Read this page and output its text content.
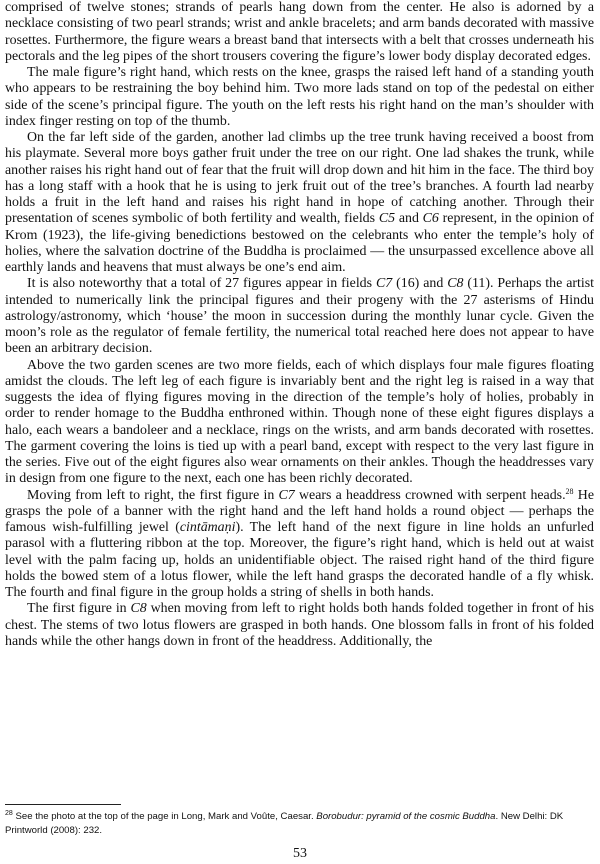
comprised of twelve stones; strands of pearls hang down from the center. He also is adorned by a necklace consisting of two pearl strands; wrist and ankle bracelets; and arm bands decorated with massive rosettes. Furthermore, the figure wears a breast band that intersects with a belt that crosses underneath his pectorals and the leg pipes of the short trousers covering the figure’s lower body display decorated edges.

The male figure’s right hand, which rests on the knee, grasps the raised left hand of a standing youth who appears to be restraining the boy behind him. Two more lads stand on top of the pedestal on either side of the scene’s principal figure. The youth on the left rests his right hand on the man’s shoulder with index finger resting on top of the thumb.

On the far left side of the garden, another lad climbs up the tree trunk having received a boost from his playmate. Several more boys gather fruit under the tree on our right. One lad shakes the trunk, while another raises his right hand out of fear that the fruit will drop down and hit him in the face. The third boy has a long staff with a hook that he is using to jerk fruit out of the tree’s branches. A fourth lad nearby holds a fruit in the left hand and raises his right hand in hope of catching another. Through their presentation of scenes symbolic of both fertility and wealth, fields C5 and C6 represent, in the opinion of Krom (1923), the life-giving benedictions bestowed on the celebrants who enter the temple’s holy of holies, where the salvation doctrine of the Buddha is proclaimed — the unsurpassed excellence above all earthly lands and heavens that must always be one’s end aim.

It is also noteworthy that a total of 27 figures appear in fields C7 (16) and C8 (11). Perhaps the artist intended to numerically link the principal figures and their progeny with the 27 asterisms of Hindu astrology/astronomy, which ‘house’ the moon in succession during the monthly lunar cycle. Given the moon’s role as the regulator of female fertility, the numerical total reached here does not appear to have been an arbitrary decision.

Above the two garden scenes are two more fields, each of which displays four male figures floating amidst the clouds. The left leg of each figure is invariably bent and the right leg is raised in a way that suggests the idea of flying figures moving in the direction of the temple’s holy of holies, probably in order to render homage to the Buddha enthroned within. Though none of these eight figures displays a halo, each wears a bandoleer and a necklace, rings on the wrists, and arm bands decorated with rosettes. The garment covering the loins is tied up with a pearl band, except with respect to the very last figure in the series. Five out of the eight figures also wear ornaments on their ankles. Though the headdresses vary in design from one figure to the next, each one has been richly decorated.

Moving from left to right, the first figure in C7 wears a headdress crowned with serpent heads.$^{28}$ He grasps the pole of a banner with the right hand and the left hand holds a round object — perhaps the famous wish-fulfilling jewel (cintāmaṇi). The left hand of the next figure in line holds an unfurled parasol with a fluttering ribbon at the top. Moreover, the figure’s right hand, which is held out at waist level with the palm facing up, holds an unidentifiable object. The raised right hand of the third figure holds the bowed stem of a lotus flower, while the left hand grasps the decorated handle of a fly whisk. The fourth and final figure in the group holds a string of shells in both hands.

The first figure in C8 when moving from left to right holds both hands folded together in front of his chest. The stems of two lotus flowers are grasped in both hands. One blossom falls in front of his folded hands while the other hangs down in front of the headdress. Additionally, the

$^{28}$ See the photo at the top of the page in Long, Mark and Voûte, Caesar. Borobudur: pyramid of the cosmic Buddha. New Delhi: DK Printworld (2008): 232.
53
